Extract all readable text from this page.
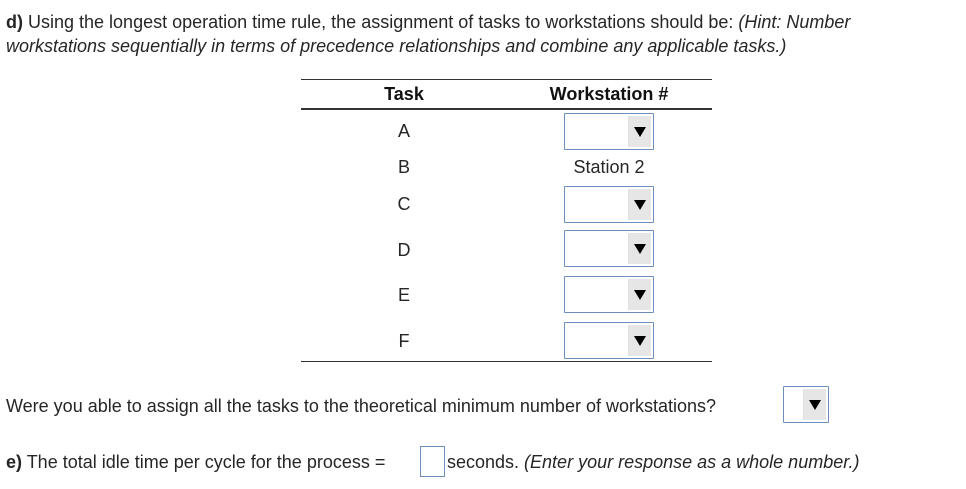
d) Using the longest operation time rule, the assignment of tasks to workstations should be: (Hint: Number
workstations sequentially in terms of precedence relationships and combine any applicable tasks.)
Task	Workstation #
A
B	Station 2
C
D
E
F
Were you able to assign all the tasks to the theoretical minimum number of workstations?
e) The total idle time per cycle for the process =	seconds. (Enter your response as a whole number.)
